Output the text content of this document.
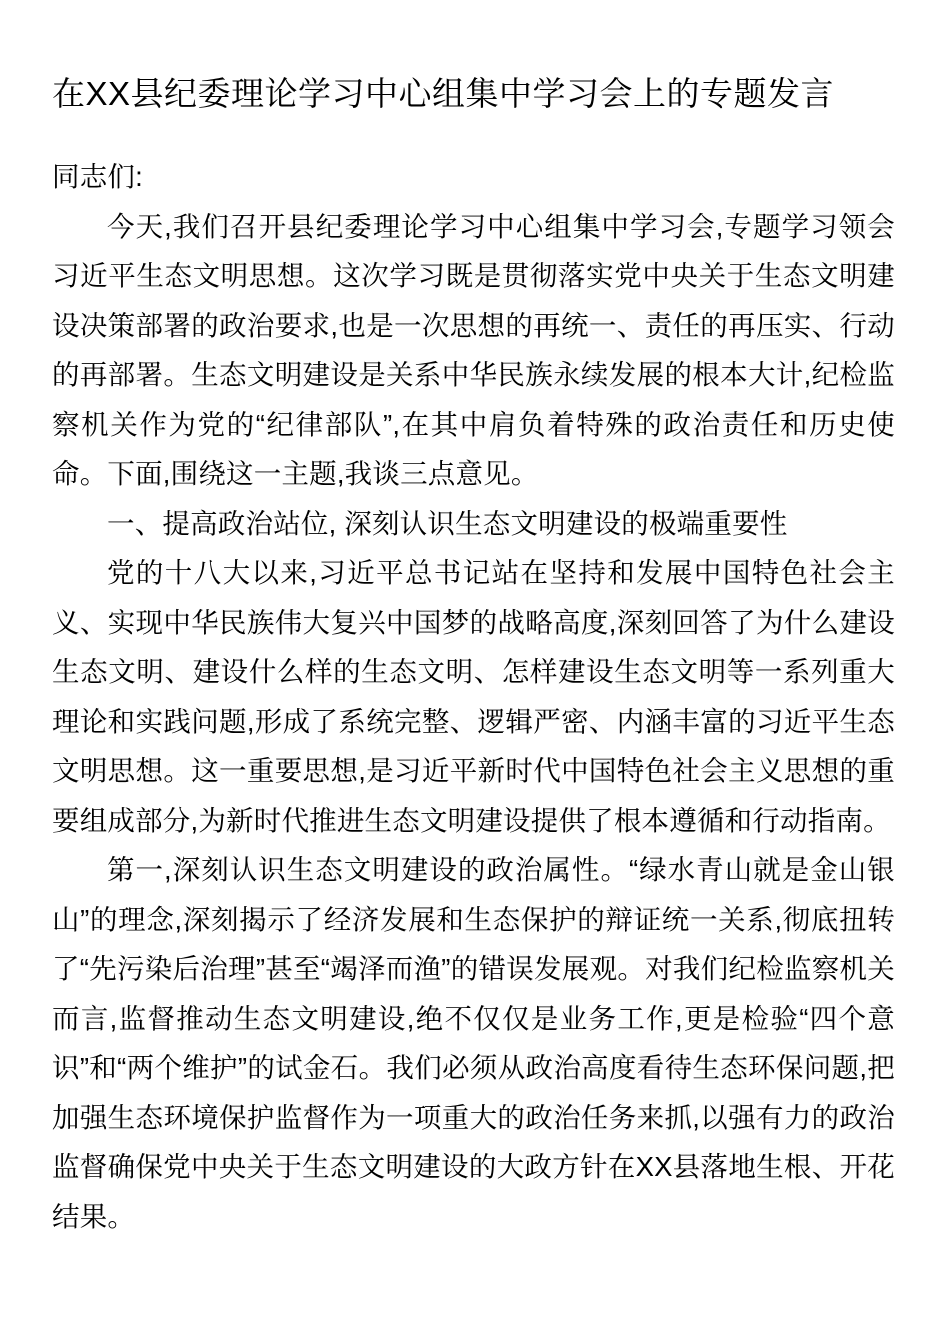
在XX县纪委理论学习中心组集中学习会上的专题发言

同志们:

今天,我们召开县纪委理论学习中心组集中学习会,专题学习领会习近平生态文明思想。这次学习既是贯彻落实党中央关于生态文明建设决策部署的政治要求,也是一次思想的再统一、责任的再压实、行动的再部署。生态文明建设是关系中华民族永续发展的根本大计,纪检监察机关作为党的“纪律部队”,在其中肩负着特殊的政治责任和历史使命。下面,围绕这一主题,我谈三点意见。

一、提高政治站位, 深刻认识生态文明建设的极端重要性

党的十八大以来,习近平总书记站在坚持和发展中国特色社会主义、实现中华民族伟大复兴中国梦的战略高度,深刻回答了为什么建设生态文明、建设什么样的生态文明、怎样建设生态文明等一系列重大理论和实践问题,形成了系统完整、逻辑严密、内涵丰富的习近平生态文明思想。这一重要思想,是习近平新时代中国特色社会主义思想的重要组成部分,为新时代推进生态文明建设提供了根本遵循和行动指南。

第一,深刻认识生态文明建设的政治属性。“绿水青山就是金山银山”的理念,深刻揭示了经济发展和生态保护的辩证统一关系,彻底扭转了“先污染后治理”甚至“竭泽而渔”的错误发展观。对我们纪检监察机关而言,监督推动生态文明建设,绝不仅仅是业务工作,更是检验“四个意识”和“两个维护”的试金石。我们必须从政治高度看待生态环保问题,把加强生态环境保护监督作为一项重大的政治任务来抓,以强有力的政治监督确保党中央关于生态文明建设的大政方针在XX县落地生根、开花结果。
